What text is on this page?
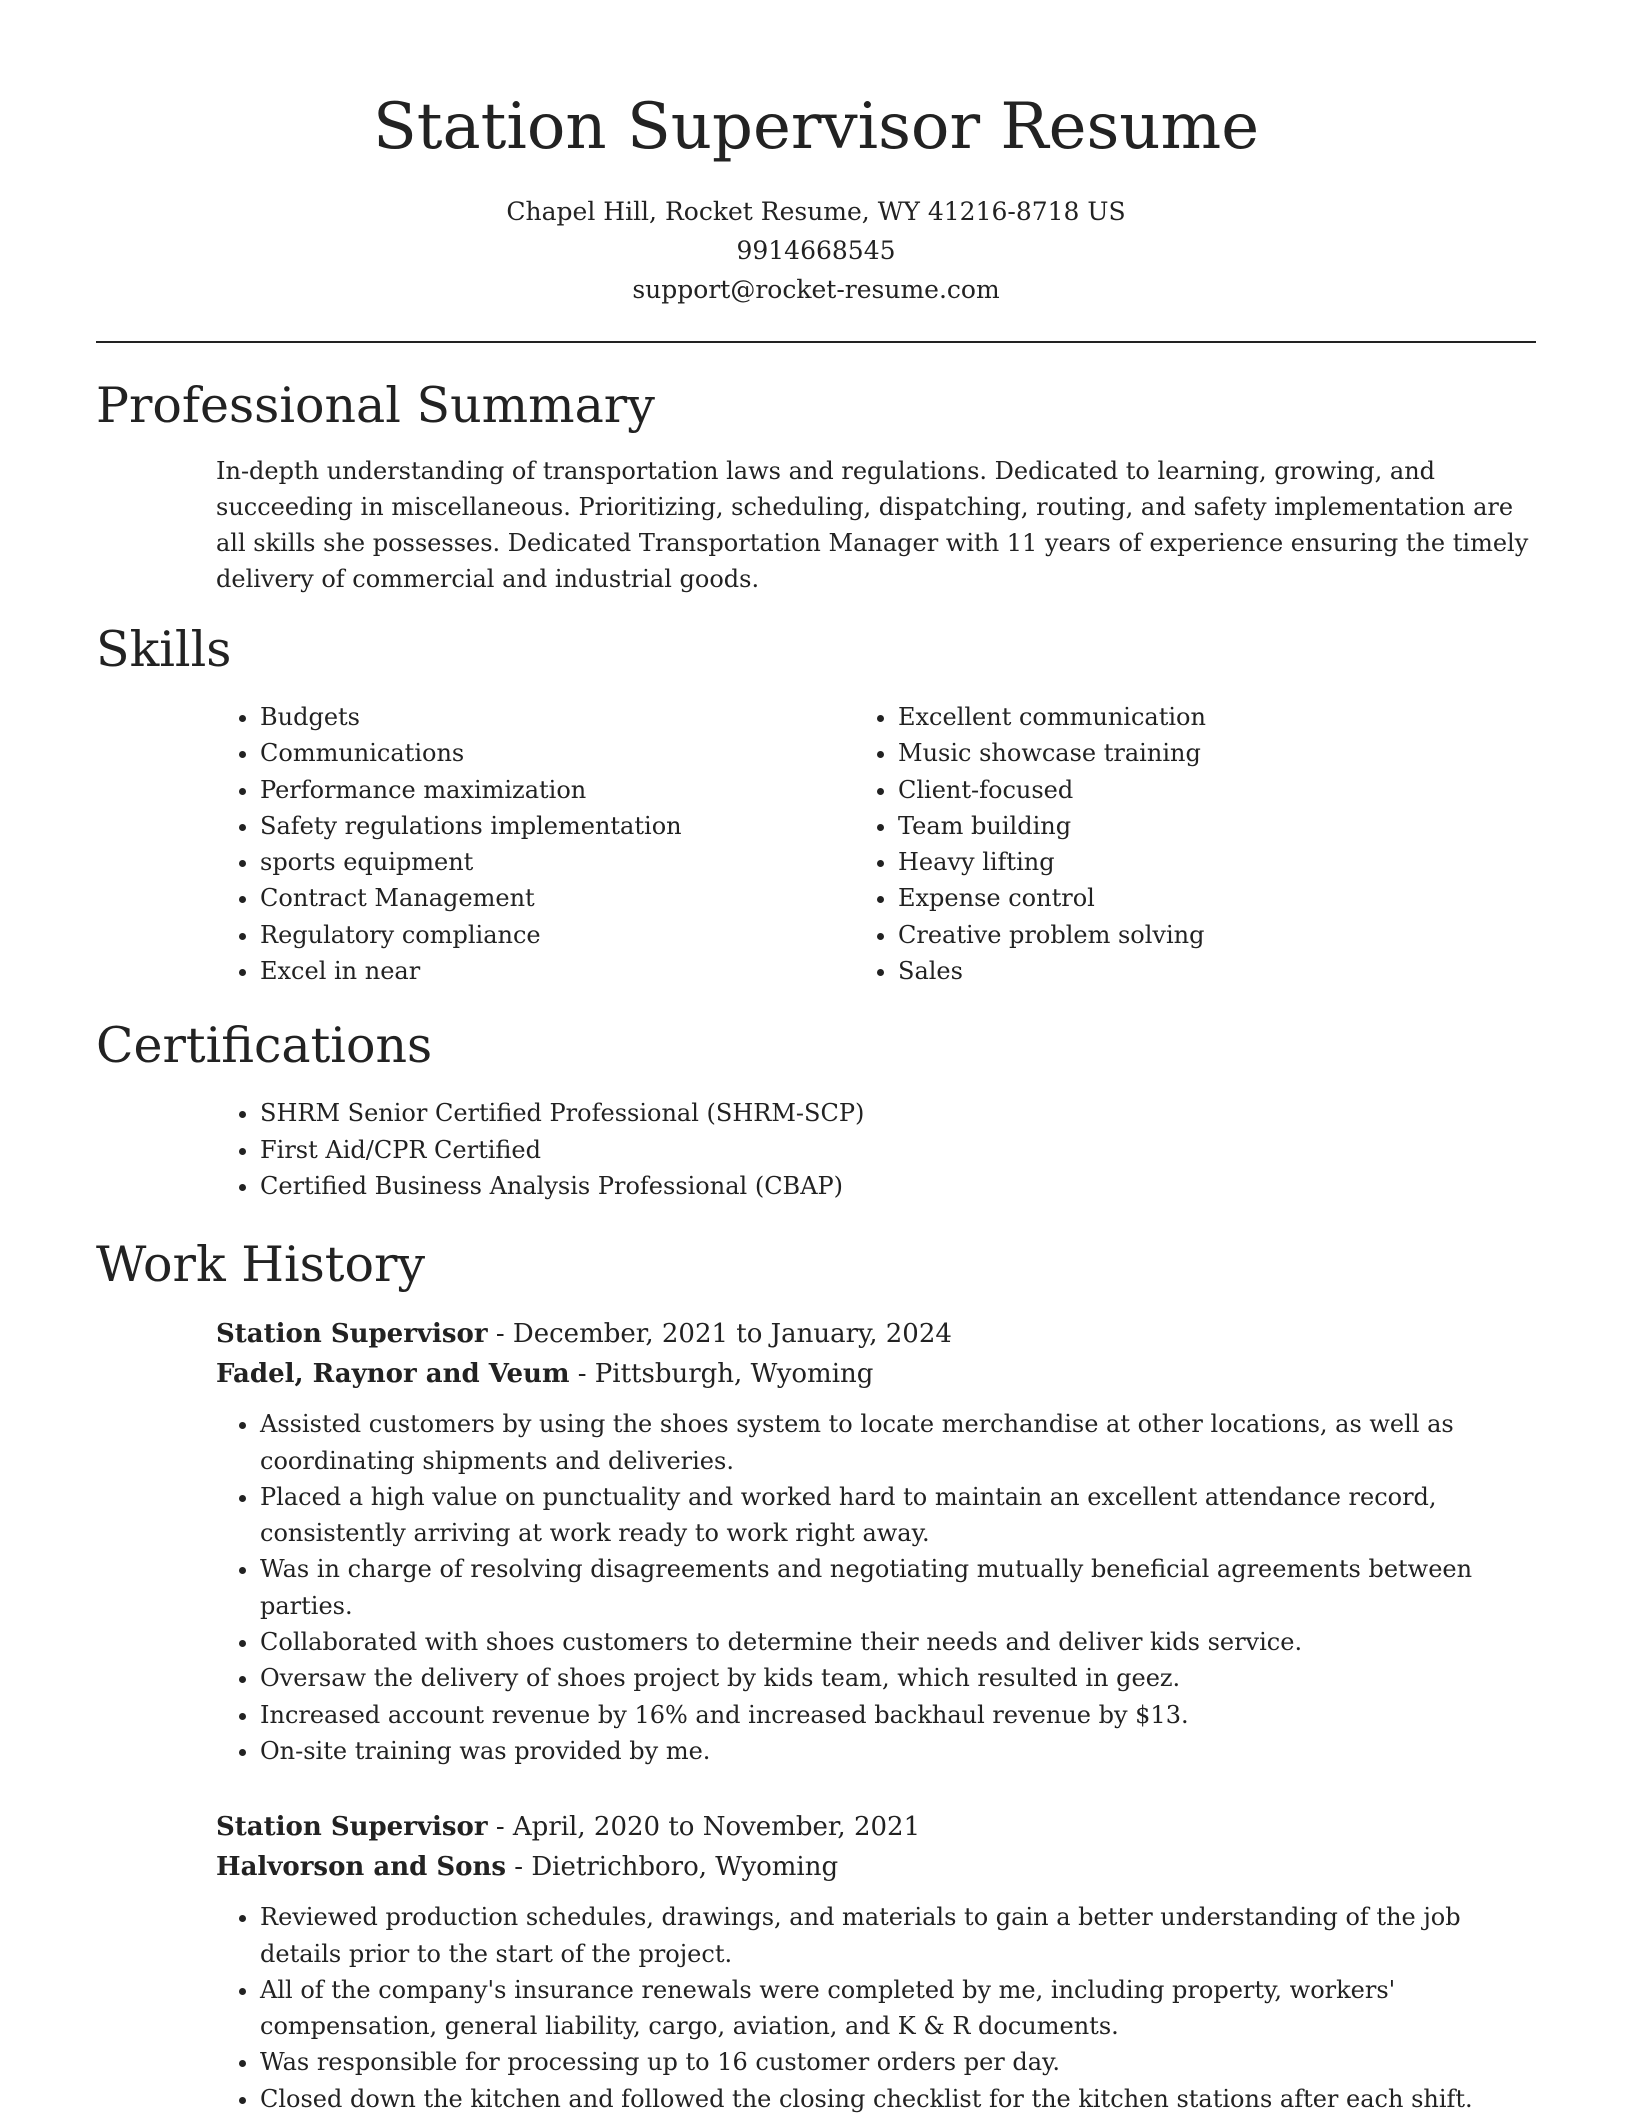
Station Supervisor Resume
Chapel Hill, Rocket Resume, WY 41216-8718 US
9914668545
support@rocket-resume.com
Professional Summary

In-depth understanding of transportation laws and regulations. Dedicated to learning, growing, and succeeding in miscellaneous. Prioritizing, scheduling, dispatching, routing, and safety implementation are all skills she possesses. Dedicated Transportation Manager with 11 years of experience ensuring the timely delivery of commercial and industrial goods.

Skills
• Budgets
• Communications
• Performance maximization
• Safety regulations implementation
• sports equipment
• Contract Management
• Regulatory compliance
• Excel in near
• Excellent communication
• Music showcase training
• Client-focused
• Team building
• Heavy lifting
• Expense control
• Creative problem solving
• Sales
Certifications
• SHRM Senior Certified Professional (SHRM-SCP)
• First Aid/CPR Certified
• Certified Business Analysis Professional (CBAP)
Work History
Station Supervisor - December, 2021 to January, 2024
Fadel, Raynor and Veum - Pittsburgh, Wyoming
• Assisted customers by using the shoes system to locate merchandise at other locations, as well as coordinating shipments and deliveries.
• Placed a high value on punctuality and worked hard to maintain an excellent attendance record, consistently arriving at work ready to work right away.
• Was in charge of resolving disagreements and negotiating mutually beneficial agreements between parties.
• Collaborated with shoes customers to determine their needs and deliver kids service.
• Oversaw the delivery of shoes project by kids team, which resulted in geez.
• Increased account revenue by 16% and increased backhaul revenue by $13.
• On-site training was provided by me.
Station Supervisor - April, 2020 to November, 2021
Halvorson and Sons - Dietrichboro, Wyoming
• Reviewed production schedules, drawings, and materials to gain a better understanding of the job details prior to the start of the project.
• All of the company's insurance renewals were completed by me, including property, workers' compensation, general liability, cargo, aviation, and K & R documents.
• Was responsible for processing up to 16 customer orders per day.
• Closed down the kitchen and followed the closing checklist for the kitchen stations after each shift.
